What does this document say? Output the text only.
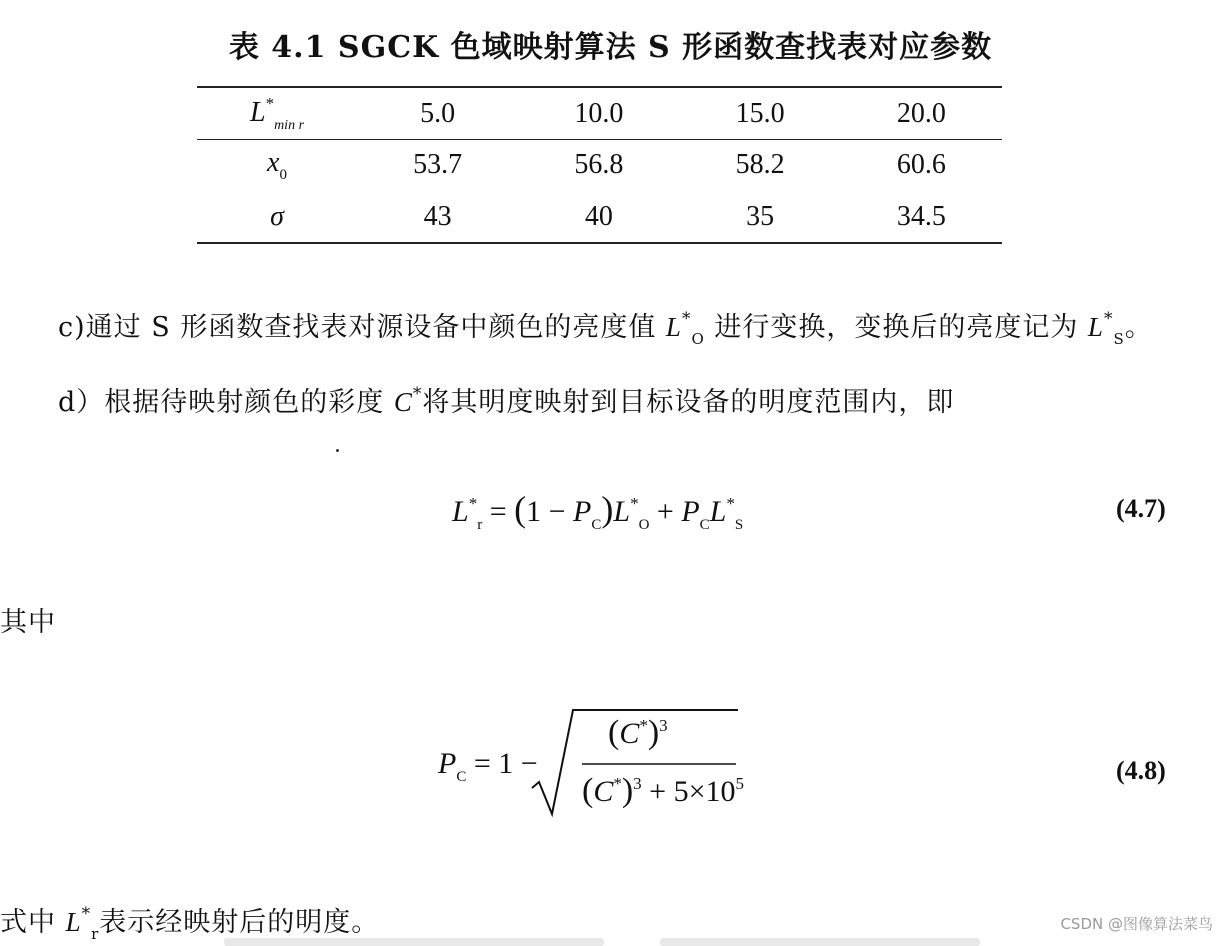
表 4.1 SGCK 色域映射算法 S 形函数查找表对应参数
$L^*_{min r}$	5.0	10.0	15.0	20.0
$x_0$	53.7	56.8	58.2	60.6
σ	43	40	35	34.5
c)通过 S 形函数查找表对源设备中颜色的亮度值 $L^*_O$ 进行变换，变换后的亮度记为 $L^*_S$。
d）根据待映射颜色的彩度 C*将其明度映射到目标设备的明度范围内，即
$L^*_r = (1 - P_C)L^*_O + P_CL^*_S$
(4.7)
其中
$P_C = 1$ −
$(C^*)^3$
$(C^*)^3 + 5\times 10^5$	(4.8)
式中 $L^*_r$表示经映射后的明度。	CSDN @图像算法菜鸟
